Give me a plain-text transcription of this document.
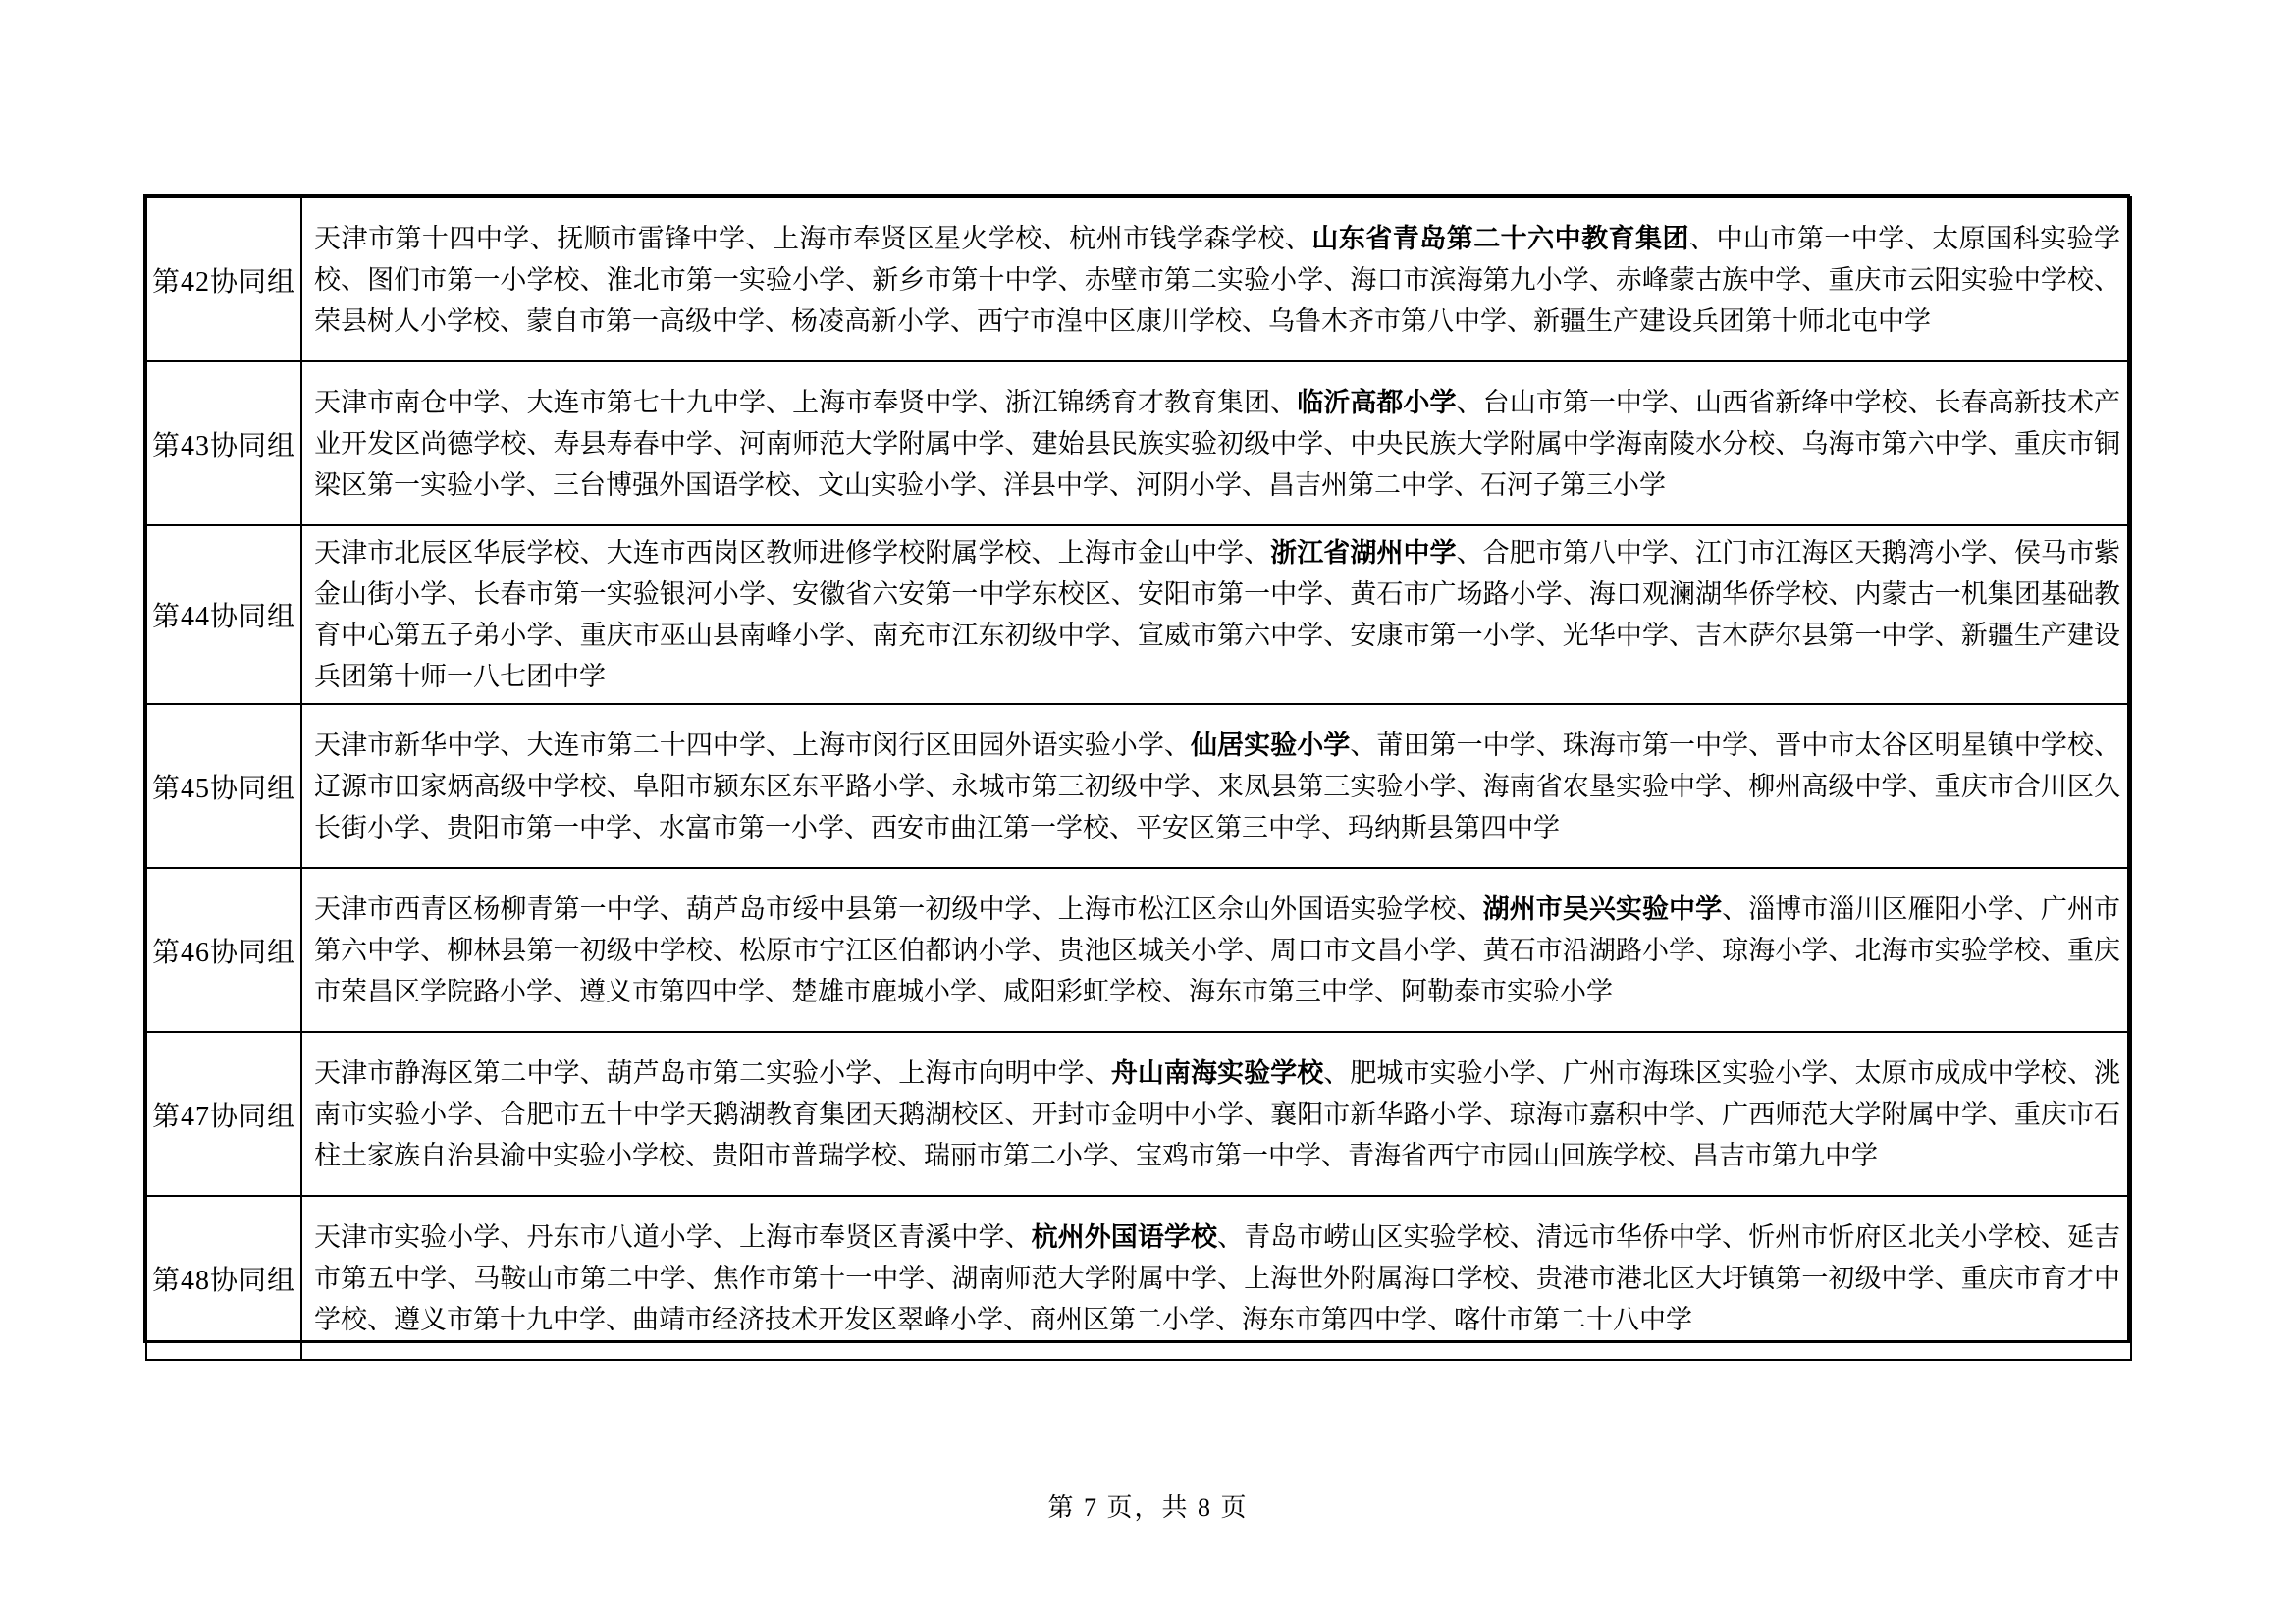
第42协同组	天津市第十四中学、抚顺市雷锋中学、上海市奉贤区星火学校、杭州市钱学森学校、山东省青岛第二十六中教育集团、中山市第一中学、太原国科实验学校、图们市第一小学校、淮北市第一实验小学、新乡市第十中学、赤壁市第二实验小学、海口市滨海第九小学、赤峰蒙古族中学、重庆市云阳实验中学校、荣县树人小学校、蒙自市第一高级中学、杨凌高新小学、西宁市湟中区康川学校、乌鲁木齐市第八中学、新疆生产建设兵团第十师北屯中学
第43协同组	天津市南仓中学、大连市第七十九中学、上海市奉贤中学、浙江锦绣育才教育集团、临沂高都小学、台山市第一中学、山西省新绛中学校、长春高新技术产业开发区尚德学校、寿县寿春中学、河南师范大学附属中学、建始县民族实验初级中学、中央民族大学附属中学海南陵水分校、乌海市第六中学、重庆市铜梁区第一实验小学、三台博强外国语学校、文山实验小学、洋县中学、河阴小学、昌吉州第二中学、石河子第三小学
第44协同组	天津市北辰区华辰学校、大连市西岗区教师进修学校附属学校、上海市金山中学、浙江省湖州中学、合肥市第八中学、江门市江海区天鹅湾小学、侯马市紫金山街小学、长春市第一实验银河小学、安徽省六安第一中学东校区、安阳市第一中学、黄石市广场路小学、海口观澜湖华侨学校、内蒙古一机集团基础教育中心第五子弟小学、重庆市巫山县南峰小学、南充市江东初级中学、宣威市第六中学、安康市第一小学、光华中学、吉木萨尔县第一中学、新疆生产建设兵团第十师一八七团中学
第45协同组	天津市新华中学、大连市第二十四中学、上海市闵行区田园外语实验小学、仙居实验小学、莆田第一中学、珠海市第一中学、晋中市太谷区明星镇中学校、辽源市田家炳高级中学校、阜阳市颍东区东平路小学、永城市第三初级中学、来凤县第三实验小学、海南省农垦实验中学、柳州高级中学、重庆市合川区久长街小学、贵阳市第一中学、水富市第一小学、西安市曲江第一学校、平安区第三中学、玛纳斯县第四中学
第46协同组	天津市西青区杨柳青第一中学、葫芦岛市绥中县第一初级中学、上海市松江区佘山外国语实验学校、湖州市吴兴实验中学、淄博市淄川区雁阳小学、广州市第六中学、柳林县第一初级中学校、松原市宁江区伯都讷小学、贵池区城关小学、周口市文昌小学、黄石市沿湖路小学、琼海小学、北海市实验学校、重庆市荣昌区学院路小学、遵义市第四中学、楚雄市鹿城小学、咸阳彩虹学校、海东市第三中学、阿勒泰市实验小学
第47协同组	天津市静海区第二中学、葫芦岛市第二实验小学、上海市向明中学、舟山南海实验学校、肥城市实验小学、广州市海珠区实验小学、太原市成成中学校、洮南市实验小学、合肥市五十中学天鹅湖教育集团天鹅湖校区、开封市金明中小学、襄阳市新华路小学、琼海市嘉积中学、广西师范大学附属中学、重庆市石柱土家族自治县渝中实验小学校、贵阳市普瑞学校、瑞丽市第二小学、宝鸡市第一中学、青海省西宁市园山回族学校、昌吉市第九中学
第48协同组	天津市实验小学、丹东市八道小学、上海市奉贤区青溪中学、杭州外国语学校、青岛市崂山区实验学校、清远市华侨中学、忻州市忻府区北关小学校、延吉市第五中学、马鞍山市第二中学、焦作市第十一中学、湖南师范大学附属中学、上海世外附属海口学校、贵港市港北区大圩镇第一初级中学、重庆市育才中学校、遵义市第十九中学、曲靖市经济技术开发区翠峰小学、商州区第二小学、海东市第四中学、喀什市第二十八中学
第 7 页，共 8 页
